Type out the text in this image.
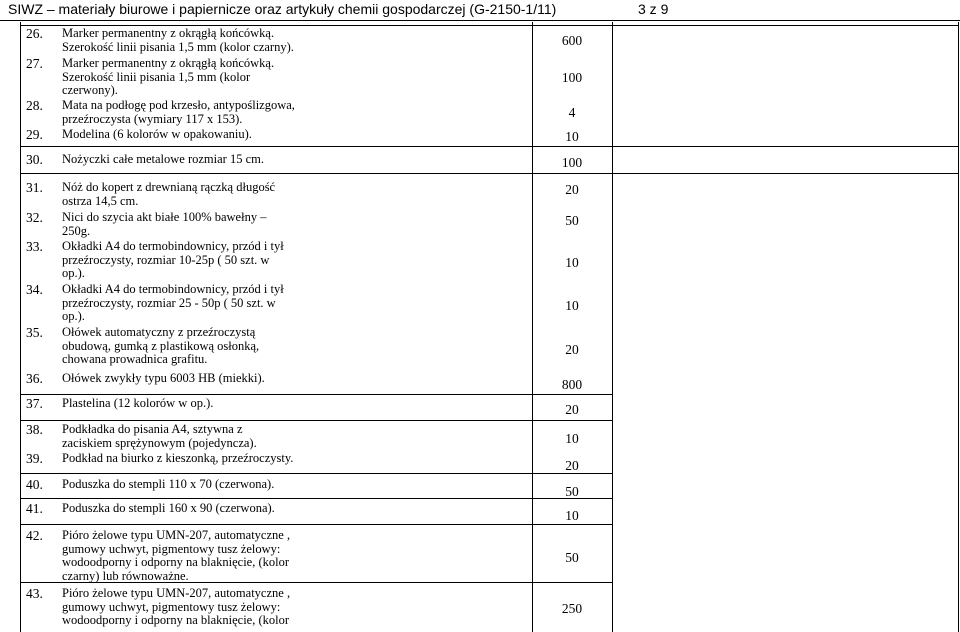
SIWZ – materiały biurowe i papiernicze oraz artykuły chemii gospodarczej (G-2150-1/11)	3 z 9
26. Marker permanentny z okrągłą końcówką.
Szerokość linii pisania 1,5 mm (kolor czarny).	600
27. Marker permanentny z okrągłą końcówką.
Szerokość linii pisania 1,5 mm (kolor
czerwony).
100
28. Mata na podłogę pod krzesło, antypoślizgowa,
przeźroczysta (wymiary 117 x 153).	4
29. Modelina (6 kolorów w opakowaniu).	10
30. Nożyczki całe metalowe rozmiar 15 cm.	100
31. Nóż do kopert z drewnianą rączką długość
ostrza 14,5 cm.
20
32. Nici do szycia akt białe 100% bawełny –
250g.
50
33. Okładki A4 do termobindownicy, przód i tył
przeźroczysty, rozmiar 10-25p ( 50 szt. w
op.).
10
34. Okładki A4 do termobindownicy, przód i tył
przeźroczysty, rozmiar 25 - 50p ( 50 szt. w
op.).
10
35. Ołówek automatyczny z przeźroczystą
obudową, gumką z plastikową osłonką,
chowana prowadnica grafitu.
20
36. Ołówek zwykły typu 6003 HB (miekki).	800
37. Plastelina (12 kolorów w op.).	20
38. Podkładka do pisania A4, sztywna z
zaciskiem sprężynowym (pojedyncza).	10
39. Podkład na biurko z kieszonką, przeźroczysty.	20
40. Poduszka do stempli 110 x 70 (czerwona).	50
41. Poduszka do stempli 160 x 90 (czerwona).	10
42. Pióro żelowe typu UMN-207, automatyczne ,
gumowy uchwyt, pigmentowy tusz żelowy:
wodoodporny i odporny na blaknięcie, (kolor
czarny) lub równoważne.
50
43. Pióro żelowe typu UMN-207, automatyczne ,
gumowy uchwyt, pigmentowy tusz żelowy:
wodoodporny i odporny na blaknięcie, (kolor
250
